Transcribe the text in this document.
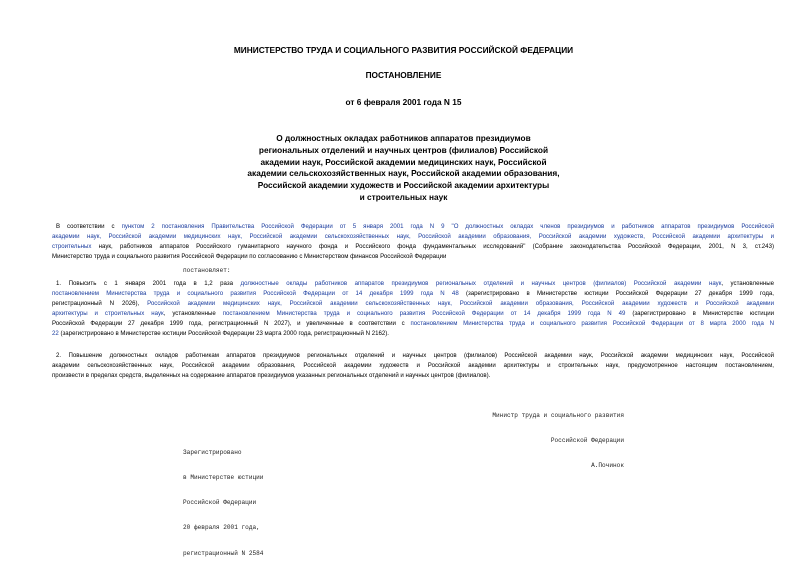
МИНИСТЕРСТВО ТРУДА И СОЦИАЛЬНОГО РАЗВИТИЯ РОССИЙСКОЙ ФЕДЕРАЦИИ
ПОСТАНОВЛЕНИЕ
от 6 февраля 2001 года N 15
О должностных окладах работников аппаратов президиумов
региональных отделений и научных центров (филиалов) Российской
академии наук, Российской академии медицинских наук, Российской
академии сельскохозяйственных наук, Российской академии образования,
Российской академии художеств и Российской академии архитектуры
и строительных наук
В соответствии с пунктом 2 постановления Правительства Российской Федерации от 5 января 2001 года N 9 "О должностных окладах членов президиумов и работников аппаратов президиумов Российской
академии наук, Российской академии медицинских наук, Российской академии сельскохозяйственных наук, Российской академии образования, Российской академии художеств, Российской академии архитектуры и
строительных наук, работников аппаратов Российского гуманитарного научного фонда и Российского фонда фундаментальных исследований" (Собрание законодательства Российской Федерации, 2001, N 3, ст.243)
Министерство труда и социального развития Российской Федерации по согласованию с Министерством финансов Российской Федерации
постановляет:
1. Повысить с 1 января 2001 года в 1,2 раза должностные оклады работников аппаратов президиумов региональных отделений и научных центров (филиалов) Российской академии наук, установленные
постановлением Министерства труда и социального развития Российской Федерации от 14 декабря 1999 года N 48 (зарегистрировано в Министерстве юстиции Российской Федерации 27 декабря 1999 года,
регистрационный N 2026), Российской академии медицинских наук, Российской академии сельскохозяйственных наук, Российской академии образования, Российской академии художеств и Российской академии
архитектуры и строительных наук, установленные постановлением Министерства труда и социального развития Российской Федерации от 14 декабря 1999 года N 49 (зарегистрировано в Министерстве юстиции
Российской Федерации 27 декабря 1999 года, регистрационный N 2027), и увеличенные в соответствии с постановлением Министерства труда и социального развития Российской Федерации от 8 марта 2000 года N
22 (зарегистрировано в Министерстве юстиции Российской Федерации 23 марта 2000 года, регистрационный N 2162).
2. Повышение должностных окладов работникам аппаратов президиумов региональных отделений и научных центров (филиалов) Российской академии наук, Российской академии медицинских наук, Российской
академии сельскохозяйственных наук, Российской академии образования, Российской академии художеств и Российской академии архитектуры и строительных наук, предусмотренное настоящим постановлением,
произвести в пределах средств, выделенных на содержание аппаратов президиумов указанных региональных отделений и научных центров (филиалов).

Министр труда и социального развития

Российской Федерации

А.Починок

Зарегистрировано

в Министерстве юстиции

Российской Федерации

20 февраля 2001 года,

регистрационный N 2584
